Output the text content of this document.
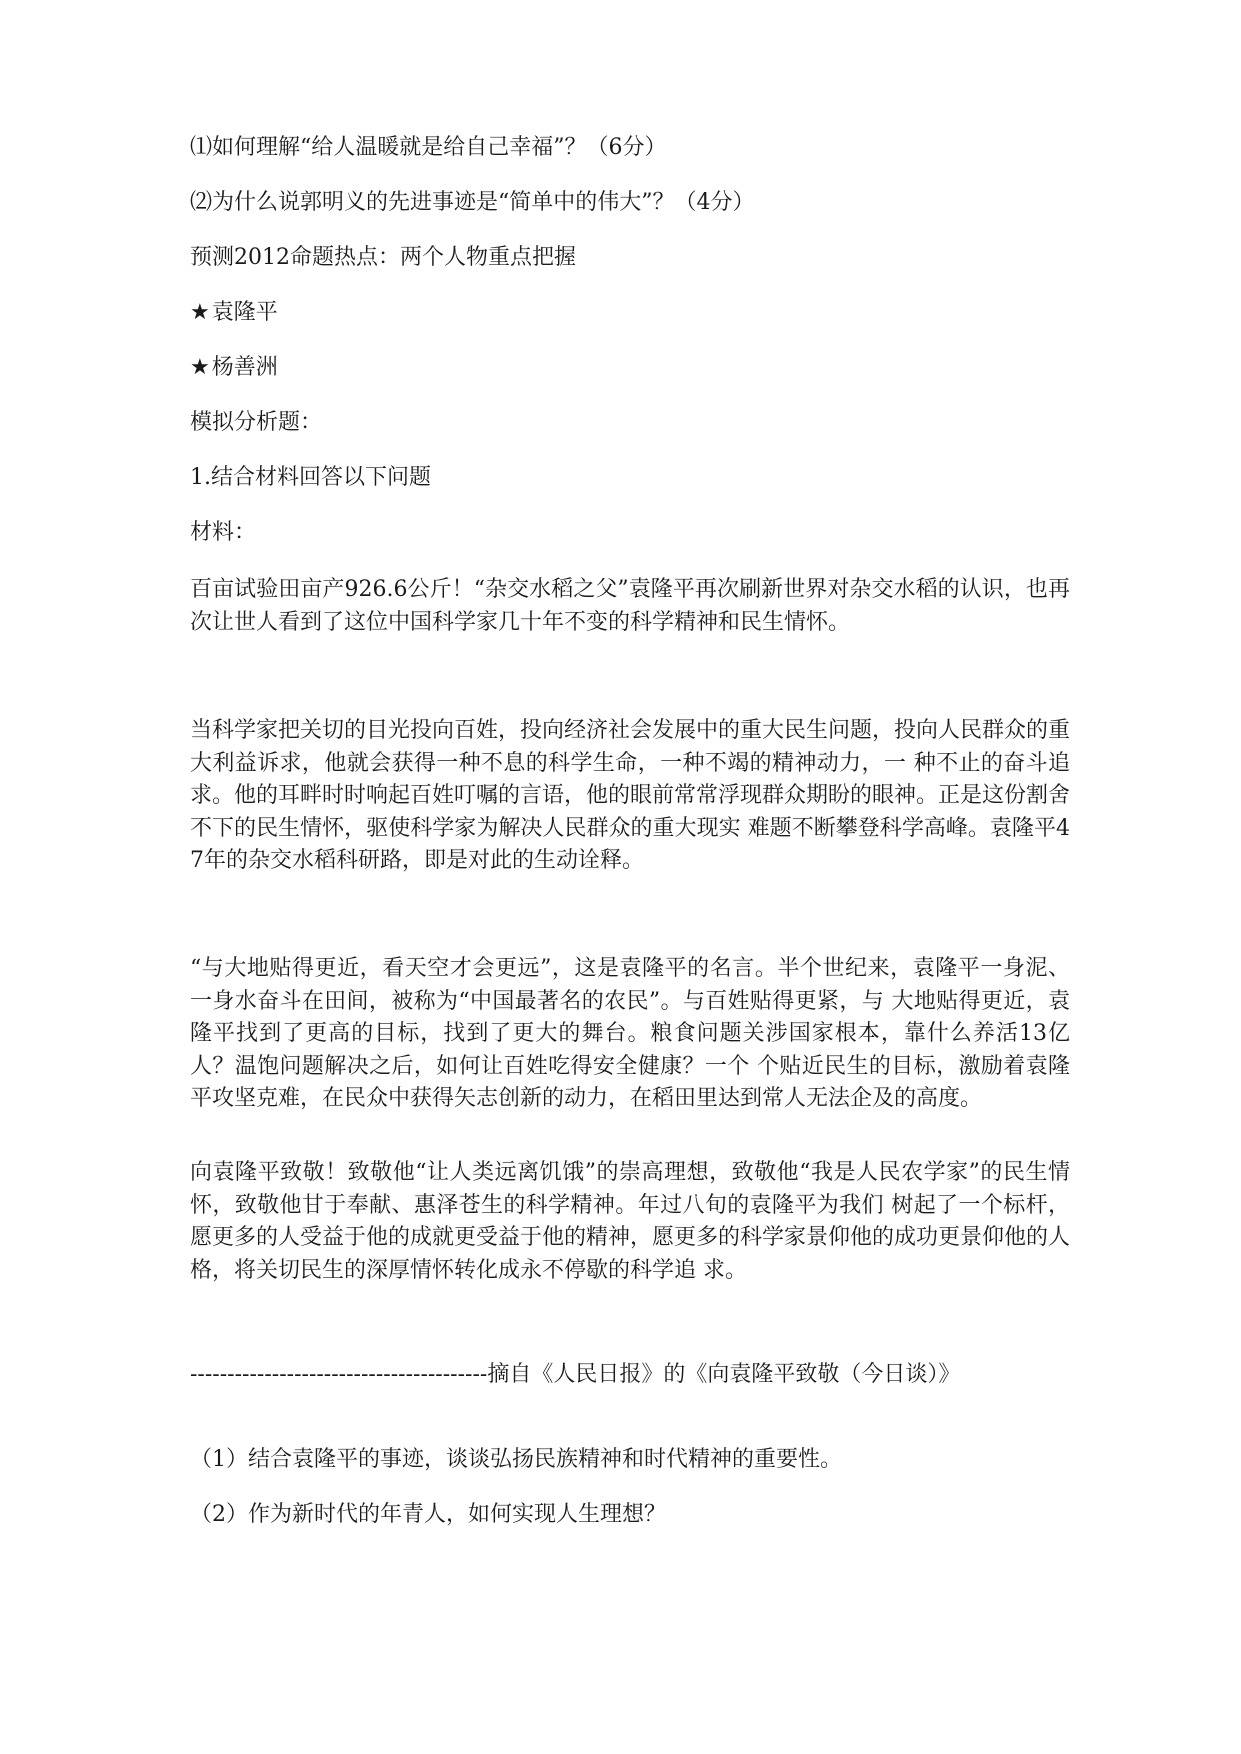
⑴如何理解“给人温暖就是给自己幸福”？（6分）
⑵为什么说郭明义的先进事迹是“简单中的伟大”？（4分）
预测2012命题热点：两个人物重点把握
★袁隆平
★杨善洲
模拟分析题：
1.结合材料回答以下问题
材料：
百亩试验田亩产926.6公斤！“杂交水稻之父”袁隆平再次刷新世界对杂交水稻的认识，也再次让世人看到了这位中国科学家几十年不变的科学精神和民生情怀。
当科学家把关切的目光投向百姓，投向经济社会发展中的重大民生问题，投向人民群众的重大利益诉求，他就会获得一种不息的科学生命，一种不竭的精神动力，一 种不止的奋斗追求。他的耳畔时时响起百姓叮嘱的言语，他的眼前常常浮现群众期盼的眼神。正是这份割舍不下的民生情怀，驱使科学家为解决人民群众的重大现实 难题不断攀登科学高峰。袁隆平47年的杂交水稻科研路，即是对此的生动诠释。
“与大地贴得更近，看天空才会更远”，这是袁隆平的名言。半个世纪来，袁隆平一身泥、一身水奋斗在田间，被称为“中国最著名的农民”。与百姓贴得更紧，与 大地贴得更近，袁隆平找到了更高的目标，找到了更大的舞台。粮食问题关涉国家根本，靠什么养活13亿人？温饱问题解决之后，如何让百姓吃得安全健康？一个 个贴近民生的目标，激励着袁隆平攻坚克难，在民众中获得矢志创新的动力，在稻田里达到常人无法企及的高度。
向袁隆平致敬！致敬他“让人类远离饥饿”的崇高理想，致敬他“我是人民农学家”的民生情怀，致敬他甘于奉献、惠泽苍生的科学精神。年过八旬的袁隆平为我们 树起了一个标杆，愿更多的人受益于他的成就更受益于他的精神，愿更多的科学家景仰他的成功更景仰他的人格，将关切民生的深厚情怀转化成永不停歇的科学追 求。
----------------------------------------摘自《人民日报》的《向袁隆平致敬（今日谈）》
（1）结合袁隆平的事迹，谈谈弘扬民族精神和时代精神的重要性。
（2）作为新时代的年青人，如何实现人生理想？
